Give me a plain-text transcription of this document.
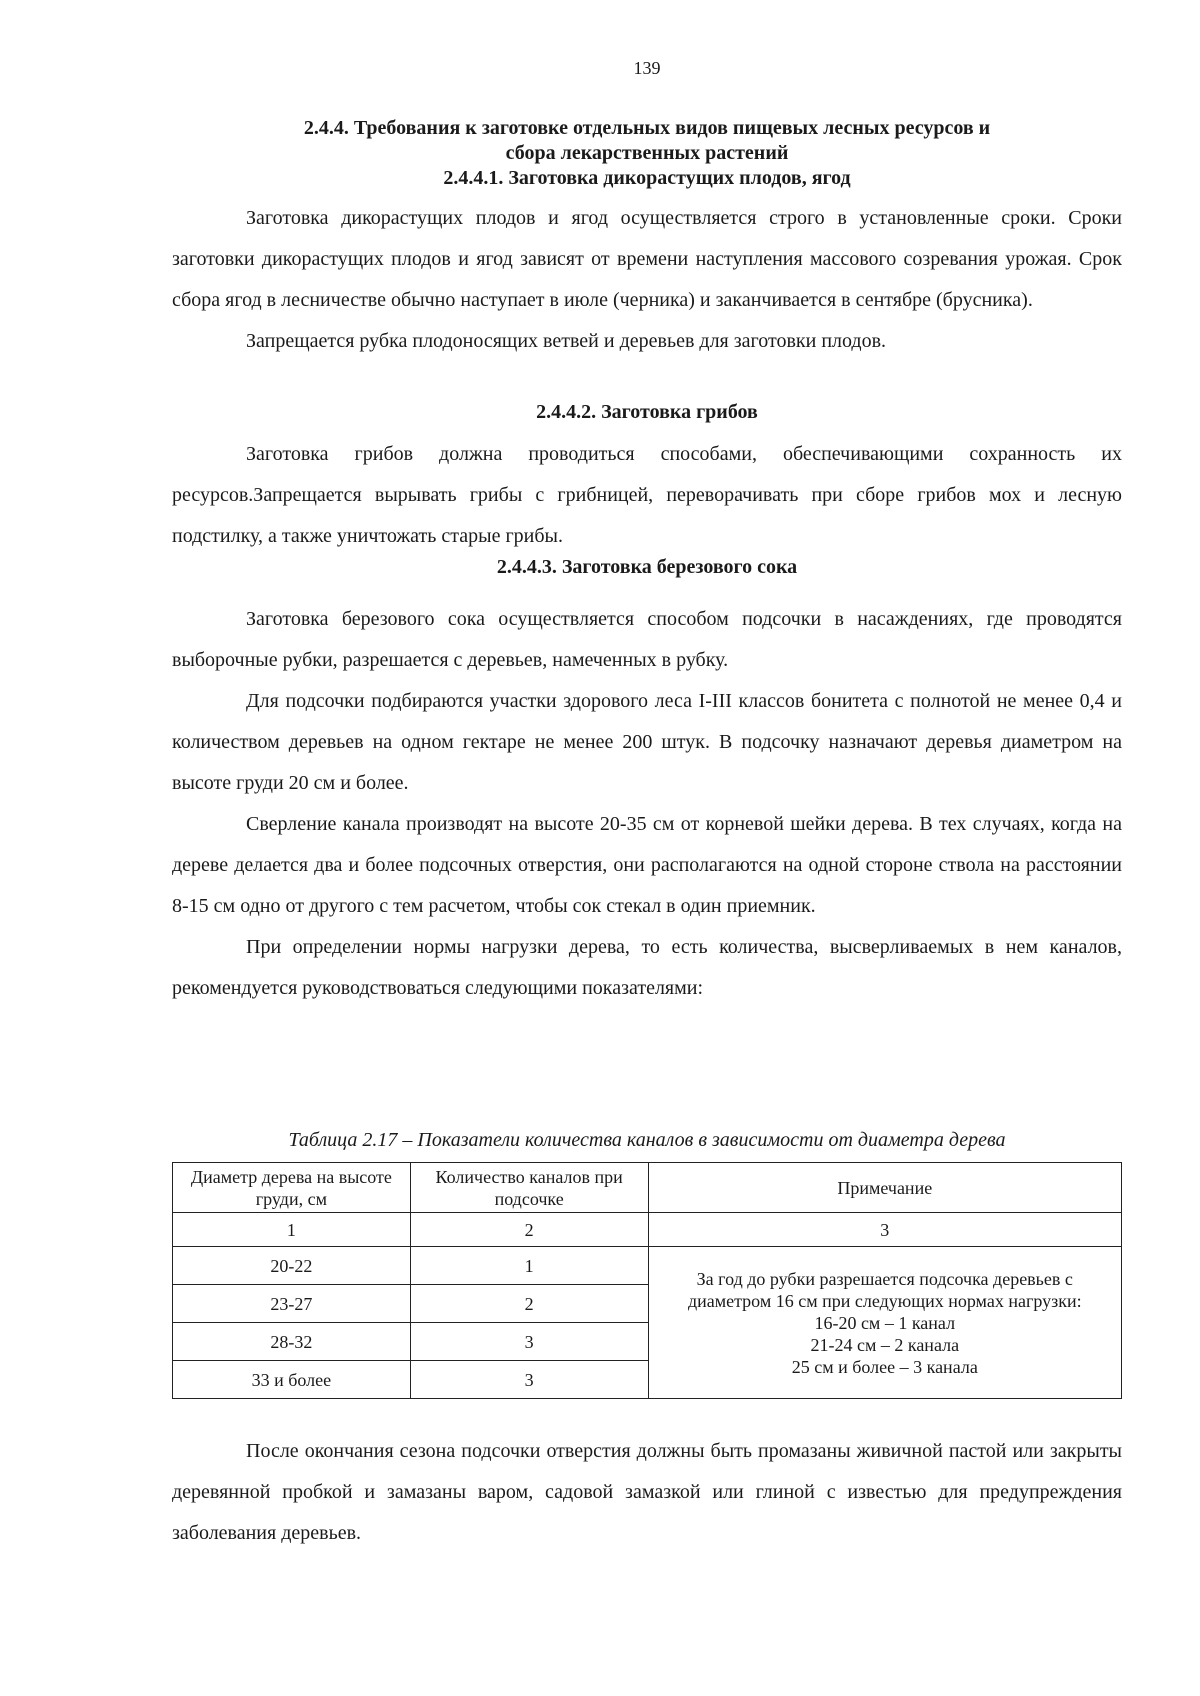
139

2.4.4. Требования к заготовке отдельных видов пищевых лесных ресурсов и

сбора лекарственных растений

2.4.4.1. Заготовка дикорастущих плодов, ягод

Заготовка дикорастущих плодов и ягод осуществляется строго в установленные сроки. Сроки заготовки дикорастущих плодов и ягод зависят от времени наступления массового созревания урожая. Срок сбора ягод в лесничестве обычно наступает в июле (черника) и заканчивается в сентябре (брусника).

Запрещается рубка плодоносящих ветвей и деревьев для заготовки плодов.

2.4.4.2. Заготовка грибов

Заготовка грибов должна проводиться способами, обеспечивающими сохранность их ресурсов.Запрещается вырывать грибы с грибницей, переворачивать при сборе грибов мох и лесную подстилку, а также уничтожать старые грибы.

2.4.4.3. Заготовка березового сока

Заготовка березового сока осуществляется способом подсочки в насаждениях, где проводятся выборочные рубки, разрешается с деревьев, намеченных в рубку.

Для подсочки подбираются участки здорового леса I-III классов бонитета с полнотой не менее 0,4 и количеством деревьев на одном гектаре не менее 200 штук. В подсочку назначают деревья диаметром на высоте груди 20 см и более.

Сверление канала производят на высоте 20-35 см от корневой шейки дерева. В тех случаях, когда на дереве делается два и более подсочных отверстия, они располагаются на одной стороне ствола на расстоянии 8-15 см одно от другого с тем расчетом, чтобы сок стекал в один приемник.

При определении нормы нагрузки дерева, то есть количества, высверливаемых в нем каналов, рекомендуется руководствоваться следующими показателями:

Таблица 2.17 – Показатели количества каналов в зависимости от диаметра дерева

Диаметр дерева на высоте груди, см	Количество каналов при подсочке	Примечание
1	2	3
20-22	1	За год до рубки разрешается подсочка деревьев с диаметром 16 см при следующих нормах нагрузки:
16-20 см – 1 канал
21-24 см – 2 канала
25 см и более – 3 канала

23-27	2	
28-32	3	
33 и более	3	

После окончания сезона подсочки отверстия должны быть промазаны живичной пастой или закрыты деревянной пробкой и замазаны варом, садовой замазкой или глиной с известью для предупреждения заболевания деревьев.
